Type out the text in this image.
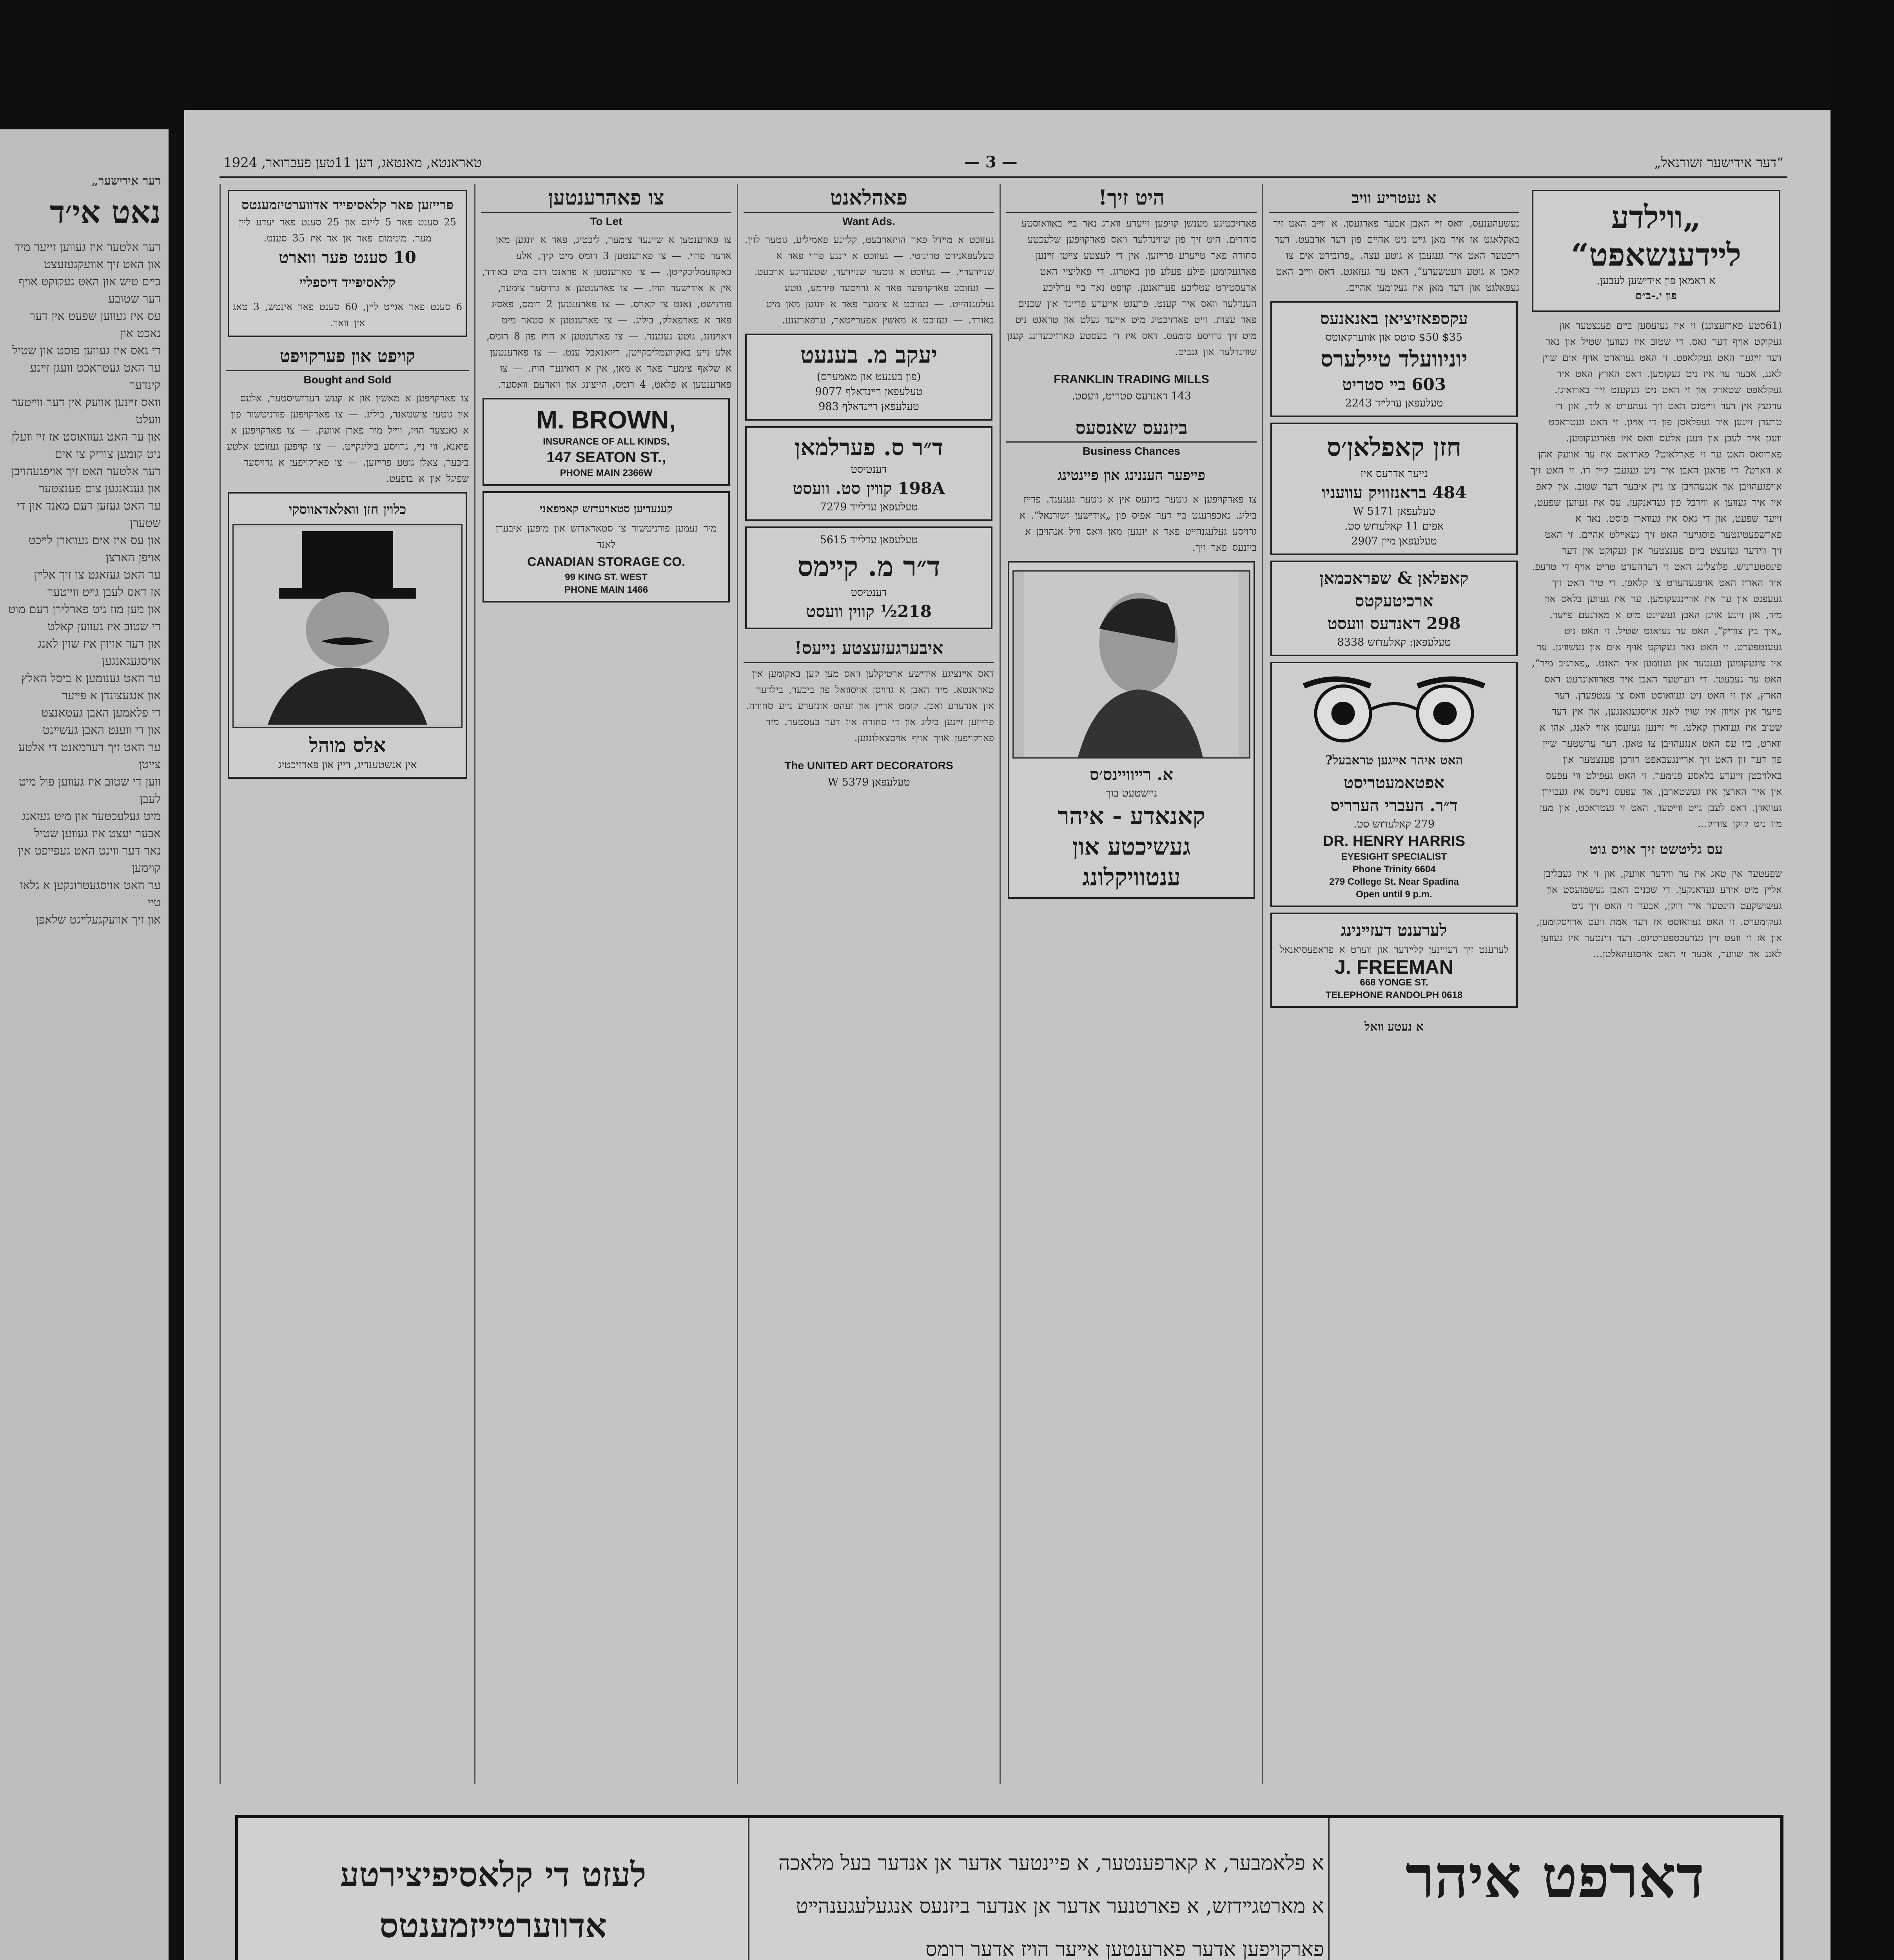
„דער אידישער
נאט אי׳ד
דער אלטער איז געווען זייער מיד און האט זיך אװעקגעזעצט
בײם טיש און האט געקוקט אויף דער שטובע
עס איז געווען שפעט אין דער נאכט און
די גאס איז געווען פוסט און שטיל
ער האט געטראכט וועגן זײנע קינדער
וואס זײנען אװעק אין דער װײטער װעלט
און ער האט געװאוסט אז זײ װעלן
ניט קומען צוריק צו אים
דער אלטער האט זיך אויפגעהויבן
און געגאנגען צום פענצטער
ער האט געזען דעם מאנד און די שטערן
און עס איז אים געװארן לײכט אויפן הארצן
ער האט געזאגט צו זיך אלײן
אז דאס לעבן גײט װײטער
און מען מוז ניט פארלירן דעם מוט
די שטוב איז געװען קאלט
און דער אויװן איז שוין לאנג אויסגעגאנגען
ער האט גענומען א ביסל האלץ
און אנגעצונדן א פײער
די פלאמען האבן געטאנצט
און די װענט האבן געשײנט
ער האט זיך דערמאנט די אלטע צײטן
װען די שטוב איז געװען פול מיט לעבן
מיט געלעכטער און מיט געזאנג
אבער יעצט איז געװען שטיל
נאר דער װינט האט געפײפט אין קוימען
ער האט אויסגעטרונקען א גלאז טײ
און זיך אװעקגעלײגט שלאפן
טאראנטא, מאנטאג, דען 11טען פעברואר, 1924	— 3 —	„דער אידישער זשורנאל“
„ווילדע לײדענשאפט“
א ראמאן פון אידישען לעבען.
פון י.-ב״ם
(61סטע פארזעצונג) זי איז געזעסען בײם פענצטער און געקוקט אויף דער גאס. די שטוב איז געװען שטיל און נאר דער זײגער האט געקלאפט. זי האט געװארט אויף אים שוין לאנג, אבער ער איז ניט געקומען. דאס הארץ האט איר געקלאפט שטארק און זי האט ניט געקענט זיך בארואיגן. ערגעץ אין דער װײטנס האט זיך געהערט א ליד, און די טרערן זײנען איר געפלאסן פון די אויגן. זי האט געטראכט װעגן איר לעבן און װעגן אלעס װאס איז פארגעקומען. פארװאס האט ער זי פארלאזט? פארװאס איז ער אװעק אהן א װארט? די פראגן האבן איר ניט געגעבן קײן רו. זי האט זיך אויפגעהויבן און אנגעהויבן צו גײן איבער דער שטוב. אין קאפ איז איר געװען א װירבל פון געדאנקען. עס איז געװען שפעט, זײער שפעט, און די גאס איז געװארן פוסט. נאר א פארשפעטיגטער פוסגײער האט זיך געאײלט אהײם. זי האט זיך װידער געזעצט בײם פענצטער און געקוקט אין דער פינסטערניש. פלוצלינג האט זי דערהערט טריט אויף די טרעפ. איר הארץ האט אויפגעהערט צו קלאפן. די טיר האט זיך געעפנט און ער איז ארײנגעקומען. ער איז געװען בלאס און מיד, און זײנע אויגן האבן געשײנט מיט א מאדנעם פײער. „איך בין צוריק“, האט ער געזאגט שטיל. זי האט ניט געענטפערט. זי האט נאר געקוקט אויף אים און געשװיגן. ער איז צוגעקומען נענטער און גענומען איר האנט. „פארגיב מיר“, האט ער געבעטן. די װערטער האבן איר פארװאונדעט דאס הארץ, און זי האט ניט געװאוסט װאס צו ענטפערן. דער פײער אין אויװן איז שוין לאנג אויסגעגאנגען, און אין דער שטוב איז געװארן קאלט. זײ זײנען געזעסן אזוי לאנג, אהן א װארט, ביז עס האט אנגעהויבן צו טאגן. דער ערשטער שײן פון דער זון האט זיך ארײנגעכאפט דורכן פענצטער און באלויכטן זײערע בלאסע פנימער. זי האט געפילט װי עפעס אין איר הארצן איז געשטארבן, און עפעס נײעס איז געבוירן געװארן. דאס לעבן גײט װײטער, האט זי געטראכט, און מען מוז ניט קוקן צוריק...
עס גליטשט זיך אויס גוט
שפעטער אין טאג איז ער װידער אװעק, און זי איז געבליבן אלײן מיט אירע געדאנקען. די שכנים האבן געשמועסט און געשושקעט הינטער איר רוקן, אבער זי האט זיך ניט געקימערט. זי האט געװאוסט אז דער אמת װעט ארויסקומען, און אז זי װעט זײן גערעכטפערטיגט. דער װינטער איז געװען לאנג און שװער, אבער זי האט אויסגעהאלטן...
א נעטריע וויב
נעשעהענעס, װאס זײ האבן אבער פארגעסן. א װײב האט זיך באקלאגט אז איר מאן גײט ניט אהײם פון דער ארבעט. דער ריכטער האט איר געגעבן א גוטע עצה. „פרובירט אים צו קאכן א גוטע װעטשערע“, האט ער געזאגט. דאס װײב האט געפאלגט און דער מאן איז געקומען אהײם.
עקספאזיציאן באנאנעס
$35 $50 סוטס און אווערקאוטס
יוניוועלד טײלערס
603 בײ סטריט
טעלעפאן עדלײד 2243
חזן קאפלאן׳ס
נײער אדרעס איז
484 בראנזוויק עוועניו
טעלעפאן W 5171
אפים 11 קאלעדזש סט.
טעלעפאן מײן 2907
קאפלאן & שפראכמאן
ארכיטעקטס
298 דאנדעס וועסט
טעלעפאן: קאלעדזש 8338
האט איהר אײגען טראבעל?
אפטאמעטריסט
ד״ר. העברי הערריס
279 קאלעדזש סט.
DR. HENRY HARRIS
EYESIGHT SPECIALIST
Phone Trinity 6604
279 College St. Near Spadina
Open until 9 p.m.
לערענט דעזײנינג
לערענט זיך דעזײנען קלײדער און ווערט א פראפעסיאנאל
J. FREEMAN
668 YONGE ST.
TELEPHONE RANDOLPH 0618
א נעטע וואל
היט זיך!
פארזיכטיגע מענשן קויפען זײערע װארג נאר בײ באװאוסטע סוחרים. היט זיך פון שװינדלער װאס פארקויפען שלעכטע סחורה פאר טײערע פרײזען. אין די לעצטע צײטן זײנען פארגעקומען פילע פעלע פון באטרוג. די פאליציי האט ארעסטירט עטליכע פערזאנען. קויפט נאר בײ ערליכע הענדלער װאס איר קענט. פרעגט אײערע פרײנד און שכנים פאר עצות. זײט פארזיכטיג מיט אײער געלט און טראגט ניט מיט זיך גרויסע סומעס. דאס איז די בעסטע פארזיכערונג קעגן שװינדלער און גנבים.
FRANKLIN TRADING MILLS
143 דאנדעס סטריט, וועסט.
ביזנעס שאנסעס
Business Chances
פײפער העננינג און פיינטינג
צו פארקויפען א גוטער ביזנעס אין א גוטער געגענד. פרײז ביליג. נאכפרעגט בײ דער אפיס פון „אידישען זשורנאל“. א גרויסע געלעגנהײט פאר א יונגען מאן װאס װיל אנהויבן א ביזנעס פאר זיך.
א. רײוויינס׳ס
ניישטעט בוך
קאנאדע - איהר
געשיכטע און
ענטוויקלונג
פאהלאנט
Want Ads.
געזוכט א מײדל פאר הויזארבעט, קלײנע פאמיליע, גוטער לוין. טעלעפאנירט טריניטי. — געזוכט א יונגע פרוי פאר א שניידערײ. — געזוכט א גוטער שניידער, שטענדיגע ארבעט. — געזוכט פארקויפער פאר א גרויסער פירמע, גוטע געלעגנהײט. — געזוכט א צימער פאר א יונגען מאן מיט באורד. — געזוכט א מאשין אפערײטאר, ערפארענע.
יעקב מ. בענעט
(פון בענעט און מאמערס)
טעלעפאן רײנדאלף 9077
טעלעפאן רײנדאלף 983
ד״ר ס. פערלמאן
דענטיסט
198A קווין סט. וועסט
טעלעפאן עדלײד 7279
טעלעפאן עדלײד 5615
ד״ר מ. קײמס
דענטיסט
218½ קווין וועסט
איבערגעזעצטע נײעס!
דאס אײנציגע אידישע ארטיקלען װאס מען קען באקומען אין טאראנטא. מיר האבן א גרויסן אויסװאל פון ביכער, בילדער און אנדערע זאכן. קומט ארײן און זעהט אונזערע נײע סחורה. פרײזען זײנען ביליג און די סחורה איז דער בעסטער. מיר פארקויפען אויך אויף אויסצאלונגען.
The UNITED ART DECORATORS
טעלעפאן W 5379
צו פאהרענטען
To Let
צו פארענטען א שײנער צימער, ליכטיג, פאר א יונגען מאן אדער פרוי. — צו פארענטען 3 רומס מיט קיך, אלע באקװעמליכקײטן. — צו פארענטען א פראנט רום מיט באורד, אין א אידישער הויז. — צו פארענטען א גרויסער צימער, פורנישט, נאנט צו קארס. — צו פארענטען 2 רומס, פאסיג פאר א פארפאלק, ביליג. — צו פארענטען א סטאר מיט װאוינונג, גוטע געגענד. — צו פארענטען א הויז פון 8 רומס, אלע נײע באקװעמליכקײטן, ריזאנאבל ענט. — צו פארענטען א שלאף צימער פאר א מאן, אין א רואיגער הויז. — צו פארענטען א פלאט, 4 רומס, הייצונג און װארעם װאסער.
M. BROWN,
INSURANCE OF ALL KINDS,
147 SEATON ST.,
PHONE MAIN 2366W
קענעדיען סטארעדזש קאמפאני
מיר נעמען פורניטשור צו סטאראדזש און מופען איבערן לאנד
CANADIAN STORAGE CO.
99 KING ST. WEST
PHONE MAIN 1466
פרייזען פאר קלאסיפייד אדווערטיזמענטס
25 סענט פאר 5 ליינס און 25 סענט פאר יעדע לײן מער. מינימום פאר אן אד איז 35 סענט.
10 סענט פער ווארט
קלאסיפייד דיספליי
6 סענט פאר אגײט ליין, 60 סענט פאר אינטש, 3 טאג אין װאך.
קויפט און פערקויפט
Bought and Sold
צו פארקויפען א מאשין און א קעש רעדזשיסטער, אלעס אין גוטען צושטאנד, ביליג. — צו פארקויפען פורניטשור פון א גאנצער הויז, װײל מיר פארן אװעק. — צו פארקויפען א פיאנא, װי נײ, גרויסע ביליגקײט. — צו קויפען געזוכט אלטע ביכער, צאלן גוטע פרײזען. — צו פארקויפען א גרויסער שפיגל און א בופעט.
כלוין חזן וואלאדאווסקי
אלס מוהל
אין אנשטענדיג, ריין און פארזיכטיג
דארפט איהר
א פלאמבער, א קארפענטער, א פיינטער אדער אן אנדער בעל מלאכה
א מארטגײדזש, א פארטנער אדער אן אנדער ביזנעס אנגעלעגענהײט
פארקויפען אדער פארענטען אײער הויז אדער רומס
לעזט די קלאסיפיצירטע
אדווערטײזמענטס
